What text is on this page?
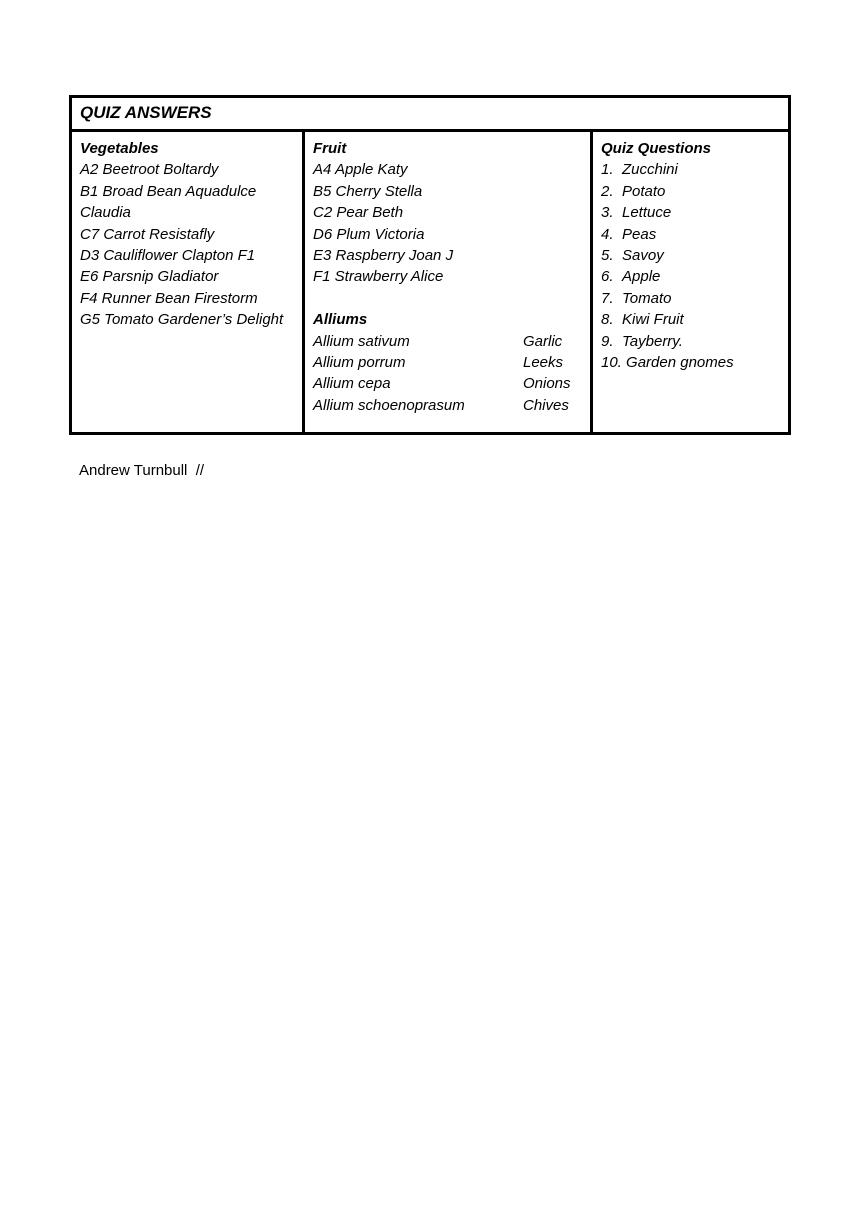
QUIZ ANSWERS
Vegetables
A2 Beetroot Boltardy
B1 Broad Bean Aquadulce
Claudia
C7 Carrot Resistafly
D3 Cauliflower Clapton F1
E6 Parsnip Gladiator
F4 Runner Bean Firestorm
G5 Tomato Gardener’s Delight
Fruit
A4 Apple Katy
B5 Cherry Stella
C2 Pear Beth
D6 Plum Victoria
E3 Raspberry Joan J
F1 Strawberry Alice
Alliums
Allium sativum	Garlic
Allium porrum	Leeks
Allium cepa	Onions
Allium schoenoprasum	Chives
Quiz Questions
1. Zucchini
2. Potato
3. Lettuce
4. Peas
5. Savoy
6. Apple
7. Tomato
8. Kiwi Fruit
9. Tayberry.
10. Garden gnomes
Andrew Turnbull  //
